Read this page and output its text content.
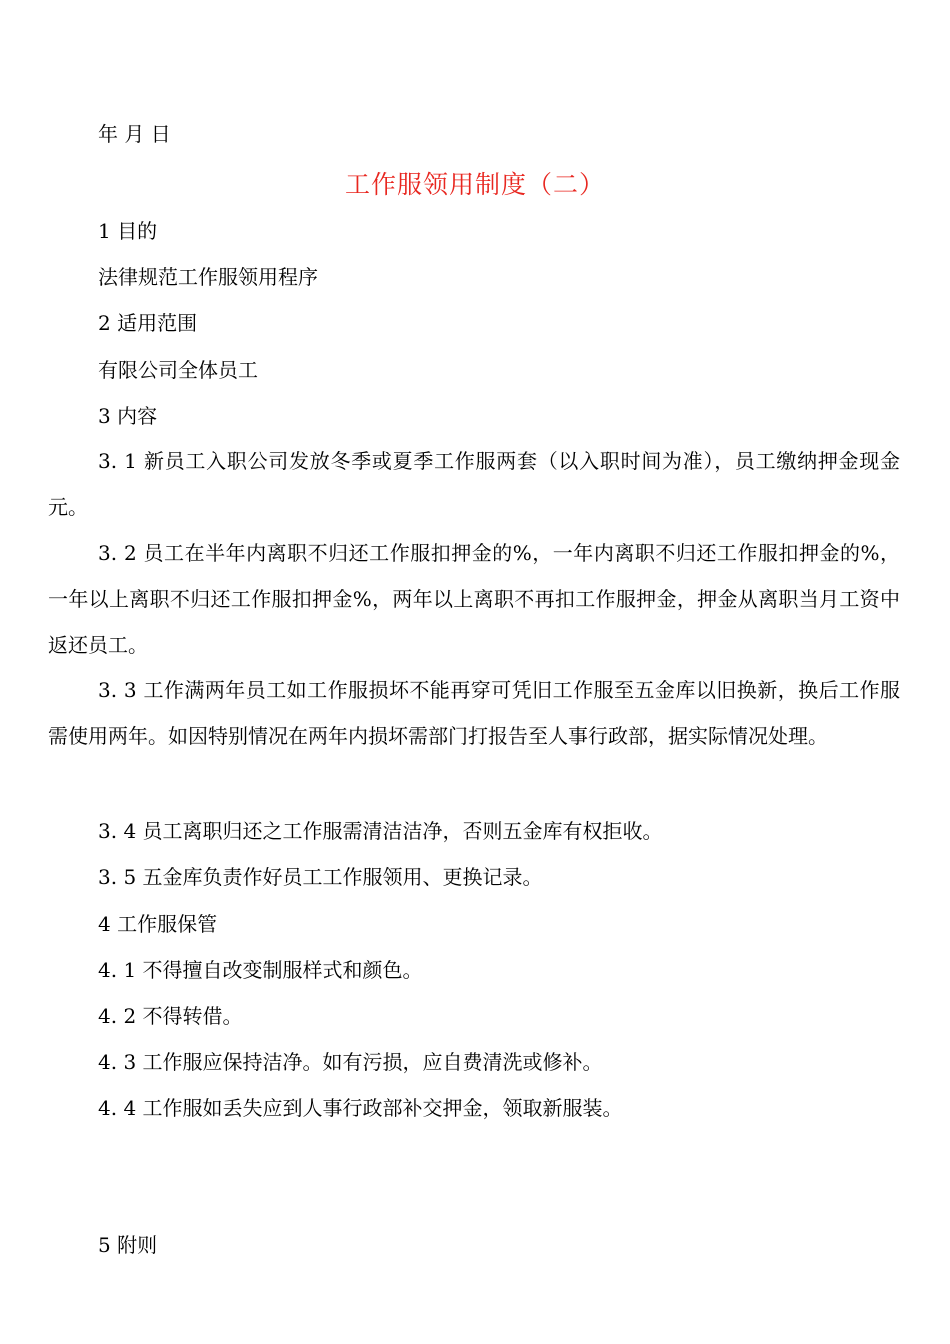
年 月 日
工作服领用制度（二）
1 目的
法律规范工作服领用程序
2 适用范围
有限公司全体员工
3 内容
3. 1 新员工入职公司发放冬季或夏季工作服两套（以入职时间为准），员工缴纳押金现金 元。
3. 2 员工在半年内离职不归还工作服扣押金的%，一年内离职不归还工作服扣押金的%，一年以上离职不归还工作服扣押金%，两年以上离职不再扣工作服押金，押金从离职当月工资中返还员工。
3. 3 工作满两年员工如工作服损坏不能再穿可凭旧工作服至五金库以旧换新，换后工作服需使用两年。如因特别情况在两年内损坏需部门打报告至人事行政部，据实际情况处理。
3. 4 员工离职归还之工作服需清洁洁净，否则五金库有权拒收。
3. 5 五金库负责作好员工工作服领用、更换记录。
4 工作服保管
4. 1 不得擅自改变制服样式和颜色。
4. 2 不得转借。
4. 3 工作服应保持洁净。如有污损，应自费清洗或修补。
4. 4 工作服如丢失应到人事行政部补交押金，领取新服装。
5 附则
